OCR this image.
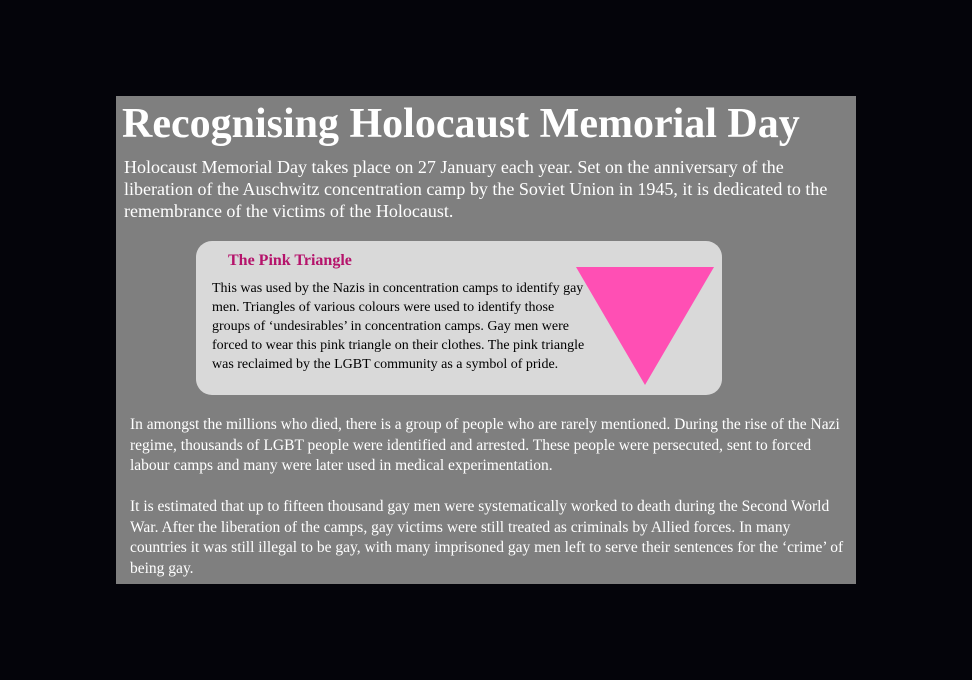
Recognising Holocaust Memorial Day

Holocaust Memorial Day takes place on 27 January each year. Set on the anniversary of the liberation of the Auschwitz concentration camp by the Soviet Union in 1945, it is dedicated to the remembrance of the victims of the Holocaust.

The Pink Triangle

This was used by the Nazis in concentration camps to identify gay men. Triangles of various colours were used to identify those groups of ‘undesirables’ in concentration camps. Gay men were forced to wear this pink triangle on their clothes. The pink triangle was reclaimed by the LGBT community as a symbol of pride.

In amongst the millions who died, there is a group of people who are rarely mentioned. During the rise of the Nazi regime, thousands of LGBT people were identified and arrested. These people were persecuted, sent to forced labour camps and many were later used in medical experimentation.

It is estimated that up to fifteen thousand gay men were systematically worked to death during the Second World War. After the liberation of the camps, gay victims were still treated as criminals by Allied forces. In many countries it was still illegal to be gay, with many imprisoned gay men left to serve their sentences for the ‘crime’ of being gay.
